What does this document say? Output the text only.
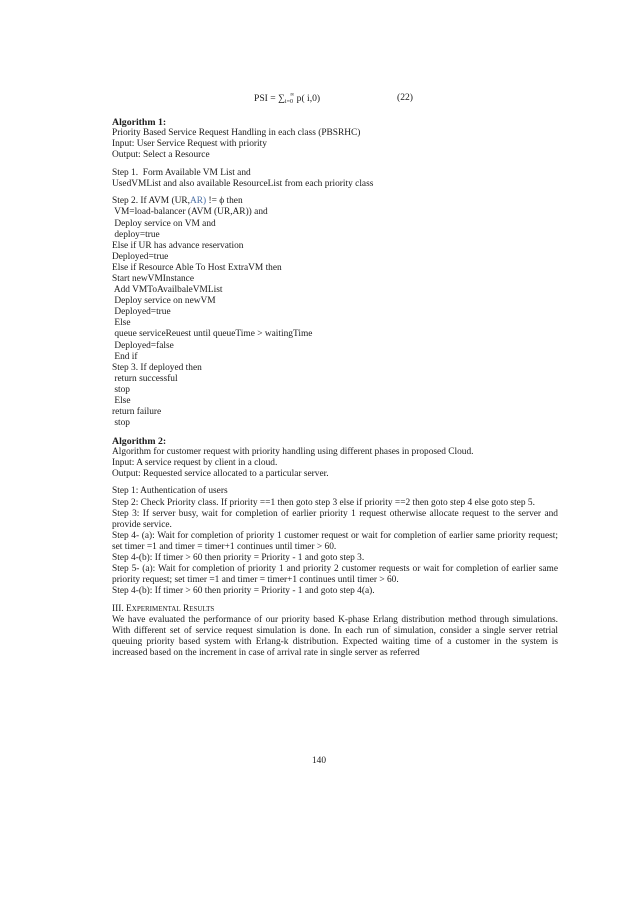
PSI = $\sum_{i=0}^\infty$ p( i,0)	(22)

Algorithm 1:

Priority Based Service Request Handling in each class (PBSRHC)

Input: User Service Request with priority
Output: Select a Resource
Step 1.  Form Available VM List and
UsedVMList and also available ResourceList from each priority class
Step 2. If AVM (UR,AR) != ϕ then
VM=load-balancer (AVM (UR,AR)) and
Deploy service on VM and
deploy=true
Else if UR has advance reservation
Deployed=true
Else if Resource Able To Host ExtraVM then
Start newVMInstance
Add VMToAvailbaleVMList
Deploy service on newVM
Deployed=true
Else
queue serviceReuest until queueTime > waitingTime
Deployed=false
End if
Step 3. If deployed then
return successful
stop
Else
return failure
stop

Algorithm 2:

Algorithm for customer request with priority handling using different phases in proposed Cloud.

Input: A service request by client in a cloud.
Output: Requested service allocated to a particular server.

Step 1: Authentication of users

Step 2: Check Priority class. If priority ==1 then goto step 3 else if priority ==2 then goto step 4 else goto step 5.

Step 3: If server busy, wait for completion of earlier priority 1 request otherwise allocate request to the server and provide service.

Step 4- (a): Wait for completion of priority 1 customer request or wait for completion of earlier same priority request; set timer =1 and timer = timer+1 continues until timer > 60.

Step 4-(b): If timer > 60 then priority = Priority - 1 and goto step 3.

Step 5- (a): Wait for completion of priority 1 and priority 2 customer requests or wait for completion of earlier same priority request; set timer =1 and timer = timer+1 continues until timer > 60.

Step 4-(b): If timer > 60 then priority = Priority - 1 and goto step 4(a).

III. Experimental Results

We have evaluated the performance of our priority based K-phase Erlang distribution method through simulations. With different set of service request simulation is done. In each run of simulation, consider a single server retrial queuing priority based system with Erlang-k distribution. Expected waiting time of a customer in the system is increased based on the increment in case of arrival rate in single server as referred

140
